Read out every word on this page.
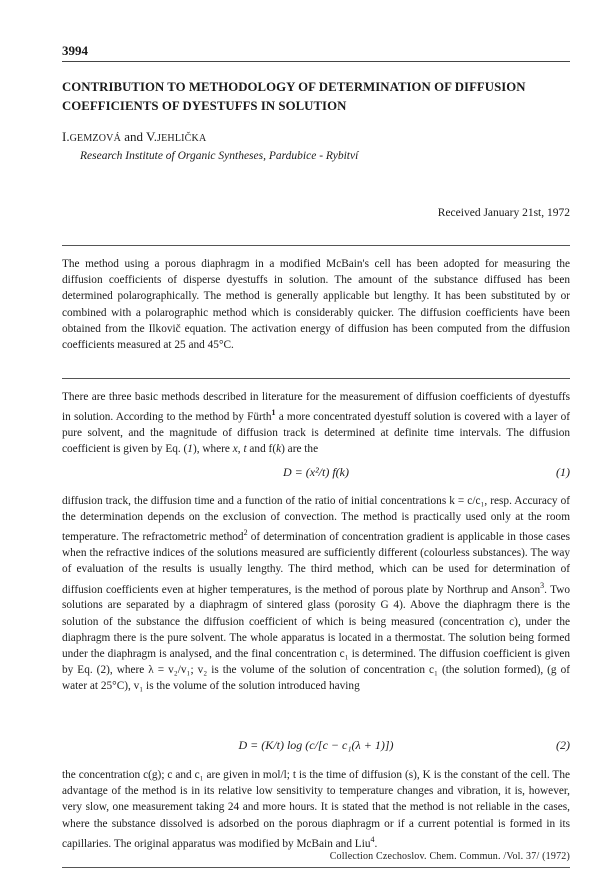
3994
CONTRIBUTION TO METHODOLOGY OF DETERMINATION OF DIFFUSION COEFFICIENTS OF DYESTUFFS IN SOLUTION
I.GEMZOVÁ and V.JEHLIČKA
Research Institute of Organic Syntheses, Pardubice - Rybitví
Received January 21st, 1972
The method using a porous diaphragm in a modified McBain's cell has been adopted for measuring the diffusion coefficients of disperse dyestuffs in solution. The amount of the substance diffused has been determined polarographically. The method is generally applicable but lengthy. It has been substituted by or combined with a polarographic method which is considerably quicker. The diffusion coefficients have been obtained from the Ilkovič equation. The activation energy of diffusion has been computed from the diffusion coefficients measured at 25 and 45°C.
There are three basic methods described in literature for the measurement of diffusion coefficients of dyestuffs in solution. According to the method by Fürth$^1$ a more concentrated dyestuff solution is covered with a layer of pure solvent, and the magnitude of diffusion track is determined at definite time intervals. The diffusion coefficient is given by Eq. (1), where x, t and f(k) are the
D = (x²/t) f(k)	(1)
diffusion track, the diffusion time and a function of the ratio of initial concentrations k = c/c₁, resp. Accuracy of the determination depends on the exclusion of convection. The method is practically used only at the room temperature. The refractometric method$^2$ of determination of concentration gradient is applicable in those cases when the refractive indices of the solutions measured are sufficiently different (colourless substances). The way of evaluation of the results is usually lengthy. The third method, which can be used for determination of diffusion coefficients even at higher temperatures, is the method of porous plate by Northrup and Anson$^3$. Two solutions are separated by a diaphragm of sintered glass (porosity G 4). Above the diaphragm there is the solution of the substance the diffusion coefficient of which is being measured (concentration c), under the diaphragm there is the pure solvent. The whole apparatus is located in a thermostat. The solution being formed under the diaphragm is analysed, and the final concentration c₁ is determined. The diffusion coefficient is given by Eq. (2), where λ = v₂/v₁; v₂ is the volume of the solution of concentration c₁ (the solution formed), (g of water at 25°C), v₁ is the volume of the solution introduced having
D = (K/t) log (c/[c − c₁(λ + 1)])	(2)
the concentration c(g); c and c₁ are given in mol/l; t is the time of diffusion (s), K is the constant of the cell. The advantage of the method is in its relative low sensitivity to temperature changes and vibration, it is, however, very slow, one measurement taking 24 and more hours. It is stated that the method is not reliable in the cases, where the substance dissolved is adsorbed on the porous diaphragm or if a current potential is formed in its capillaries. The original apparatus was modified by McBain and Liu$^4$.
Collection Czechoslov. Chem. Commun. /Vol. 37/ (1972)
